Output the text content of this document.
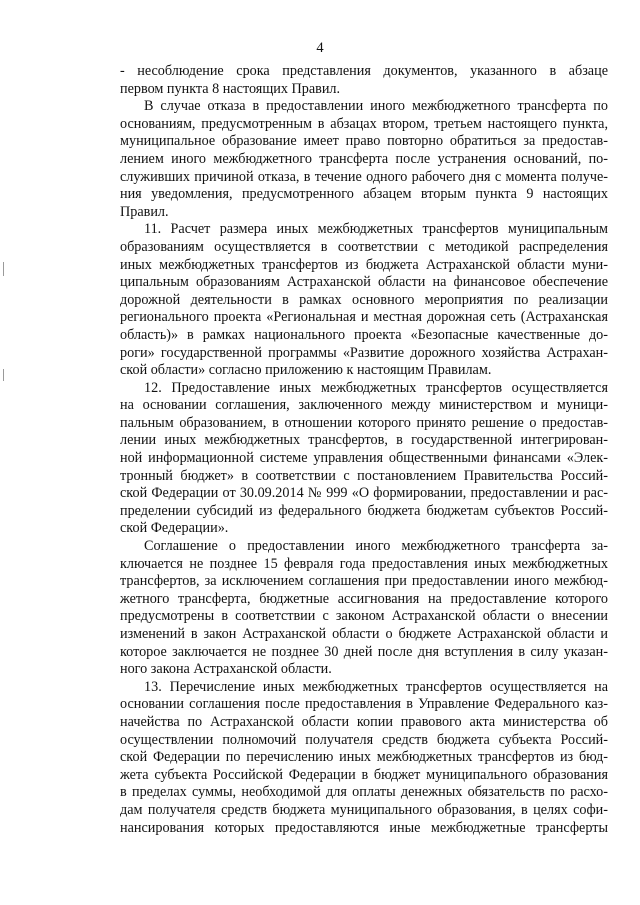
4
- несоблюдение срока представления документов, указанного в абзаце
первом пункта 8 настоящих Правил.
В случае отказа в предоставлении иного межбюджетного трансферта по
основаниям, предусмотренным в абзацах втором, третьем настоящего пункта,
муниципальное образование имеет право повторно обратиться за предостав-
лением иного межбюджетного трансферта после устранения оснований, по-
служивших причиной отказа, в течение одного рабочего дня с момента получе-
ния уведомления, предусмотренного абзацем вторым пункта 9 настоящих
Правил.
11. Расчет размера иных межбюджетных трансфертов муниципальным
образованиям осуществляется в соответствии с методикой распределения
иных межбюджетных трансфертов из бюджета Астраханской области муни-
ципальным образованиям Астраханской области на финансовое обеспечение
дорожной деятельности в рамках основного мероприятия по реализации
регионального проекта «Региональная и местная дорожная сеть (Астраханская
область)» в рамках национального проекта «Безопасные качественные до-
роги» государственной программы «Развитие дорожного хозяйства Астрахан-
ской области» согласно приложению к настоящим Правилам.
12. Предоставление иных межбюджетных трансфертов осуществляется
на основании соглашения, заключенного между министерством и муници-
пальным образованием, в отношении которого принято решение о предостав-
лении иных межбюджетных трансфертов, в государственной интегрирован-
ной информационной системе управления общественными финансами «Элек-
тронный бюджет» в соответствии с постановлением Правительства Россий-
ской Федерации от 30.09.2014 № 999 «О формировании, предоставлении и рас-
пределении субсидий из федерального бюджета бюджетам субъектов Россий-
ской Федерации».
Соглашение о предоставлении иного межбюджетного трансферта за-
ключается не позднее 15 февраля года предоставления иных межбюджетных
трансфертов, за исключением соглашения при предоставлении иного межбюд-
жетного трансферта, бюджетные ассигнования на предоставление которого
предусмотрены в соответствии с законом Астраханской области о внесении
изменений в закон Астраханской области о бюджете Астраханской области и
которое заключается не позднее 30 дней после дня вступления в силу указан-
ного закона Астраханской области.
13. Перечисление иных межбюджетных трансфертов осуществляется на
основании соглашения после предоставления в Управление Федерального каз-
начейства по Астраханской области копии правового акта министерства об
осуществлении полномочий получателя средств бюджета субъекта Россий-
ской Федерации по перечислению иных межбюджетных трансфертов из бюд-
жета субъекта Российской Федерации в бюджет муниципального образования
в пределах суммы, необходимой для оплаты денежных обязательств по расхо-
дам получателя средств бюджета муниципального образования, в целях софи-
нансирования которых предоставляются иные межбюджетные трансферты
